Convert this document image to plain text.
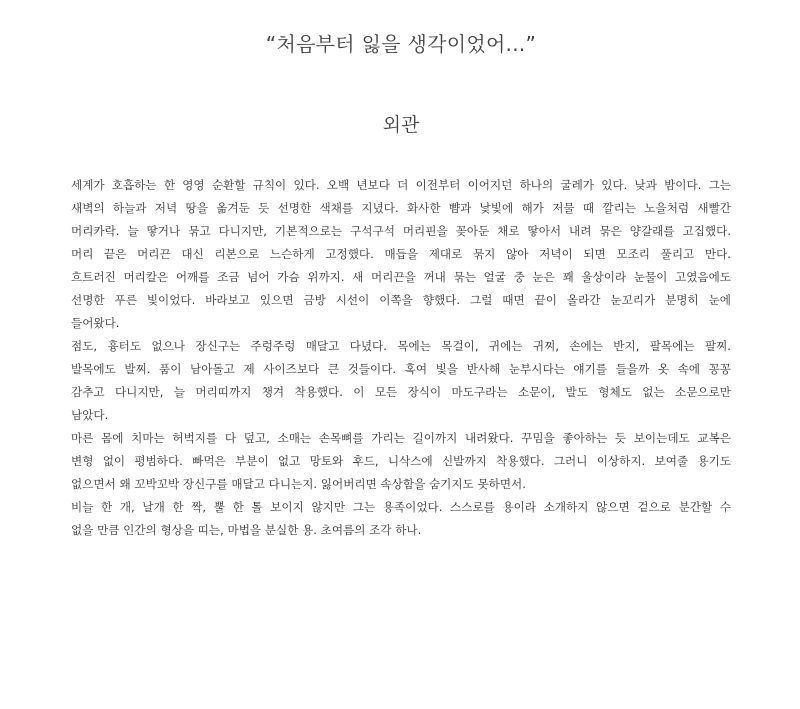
“처음부터 잃을 생각이었어...”
외관

세계가 호흡하는 한 영영 순환할 규칙이 있다. 오백 년보다 더 이전부터 이어지던 하나의 굴레가 있다. 낮과 밤이다. 그는
새벽의 하늘과 저녁 땅을 옮겨둔 듯 선명한 색채를 지녔다. 화사한 뺨과 낯빛에 해가 저물 때 깔리는 노을처럼 새빨간
머리카락. 늘 땋거나 묶고 다니지만, 기본적으로는 구석구석 머리핀을 꽂아둔 채로 땋아서 내려 묶은 양갈래를 고집했다.
머리 끝은 머리끈 대신 리본으로 느슨하게 고정했다. 매듭을 제대로 묶지 않아 저녁이 되면 모조리 풀리고 만다.
흐트러진 머리칼은 어깨를 조금 넘어 가슴 위까지. 새 머리끈을 꺼내 묶는 얼굴 중 눈은 꽤 울상이라 눈물이 고였음에도
선명한 푸른 빛이었다. 바라보고 있으면 금방 시선이 이쪽을 향했다. 그럴 때면 끝이 올라간 눈꼬리가 분명히 눈에
들어왔다.

점도, 흉터도 없으나 장신구는 주렁주렁 매달고 다녔다. 목에는 목걸이, 귀에는 귀찌, 손에는 반지, 팔목에는 팔찌.
발목에도 발찌. 품이 남아돌고 제 사이즈보다 큰 것들이다. 혹여 빛을 반사해 눈부시다는 얘기를 들을까 옷 속에 꽁꽁
감추고 다니지만, 늘 머리띠까지 챙겨 착용했다. 이 모든 장식이 마도구라는 소문이, 발도 형체도 없는 소문으로만
남았다.

마른 몸에 치마는 허벅지를 다 덮고, 소매는 손목뼈를 가리는 길이까지 내려왔다. 꾸밈을 좋아하는 듯 보이는데도 교복은
변형 없이 평범하다. 빠먹은 부분이 없고 망토와 후드, 니삭스에 신발까지 착용했다. 그러니 이상하지. 보여줄 용기도
없으면서 왜 꼬박꼬박 장신구를 매달고 다니는지. 잃어버리면 속상함을 숨기지도 못하면서.

비늘 한 개, 날개 한 짝, 뿔 한 톨 보이지 않지만 그는 용족이었다. 스스로를 용이라 소개하지 않으면 겉으로 분간할 수
없을 만큼 인간의 형상을 띠는, 마법을 분실한 용. 초여름의 조각 하나.
